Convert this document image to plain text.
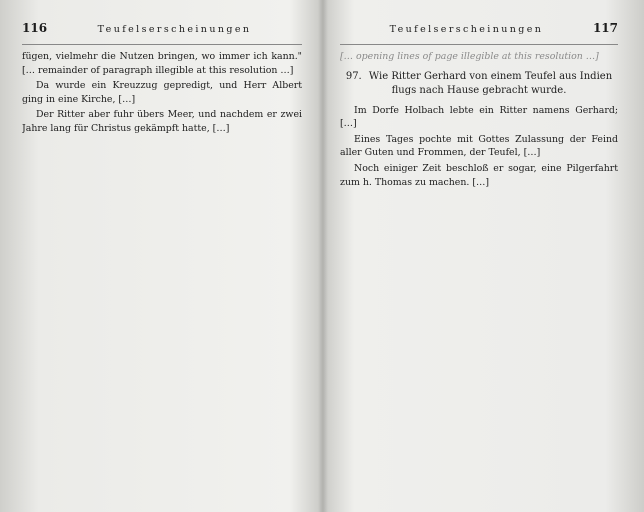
116	Teufelserscheinungen

fügen, vielmehr die Nutzen bringen, wo immer ich kann." [… remainder of paragraph illegible at this resolution …]

Da wurde ein Kreuzzug gepredigt, und Herr Albert ging in eine Kirche, […]

Der Ritter aber fuhr übers Meer, und nachdem er zwei Jahre lang für Christus gekämpft hatte, […]

Teufelserscheinungen	117

[… opening lines of page illegible at this resolution …]

97. Wie Ritter Gerhard von einem Teufel aus Indien
flugs nach Hause gebracht wurde.

Im Dorfe Holbach lebte ein Ritter namens Gerhard; […]

Eines Tages pochte mit Gottes Zulassung der Feind aller Guten und Frommen, der Teufel, […]

Noch einiger Zeit beschloß er sogar, eine Pilgerfahrt zum h. Thomas zu machen. […]
